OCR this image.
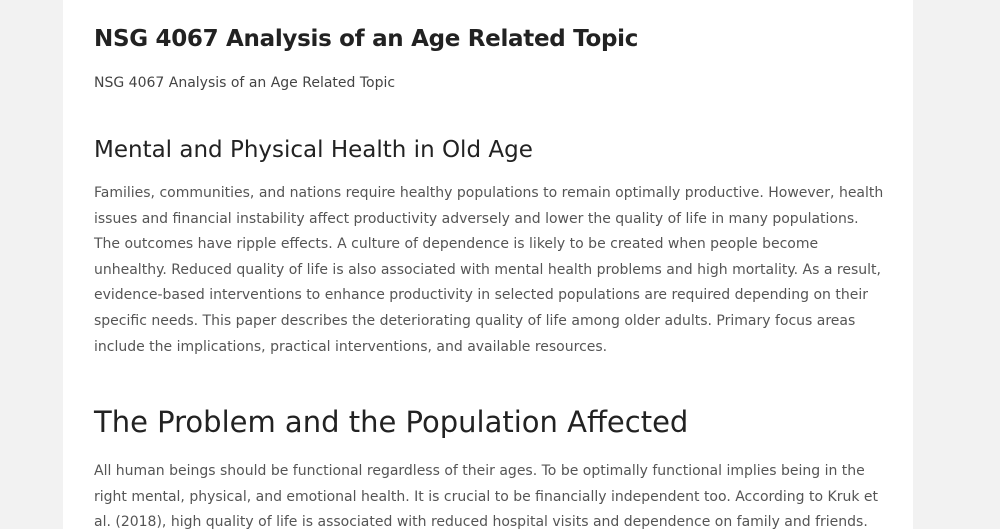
NSG 4067 Analysis of an Age Related Topic

NSG 4067 Analysis of an Age Related Topic

Mental and Physical Health in Old Age

Families, communities, and nations require healthy populations to remain optimally productive. However, health issues and financial instability affect productivity adversely and lower the quality of life in many populations. The outcomes have ripple effects. A culture of dependence is likely to be created when people become unhealthy. Reduced quality of life is also associated with mental health problems and high mortality. As a result, evidence-based interventions to enhance productivity in selected populations are required depending on their specific needs. This paper describes the deteriorating quality of life among older adults. Primary focus areas include the implications, practical interventions, and available resources.

The Problem and the Population Affected

All human beings should be functional regardless of their ages. To be optimally functional implies being in the right mental, physical, and emotional health. It is crucial to be financially independent too. According to Kruk et al. (2018), high quality of life is associated with reduced hospital visits and dependence on family and friends.
